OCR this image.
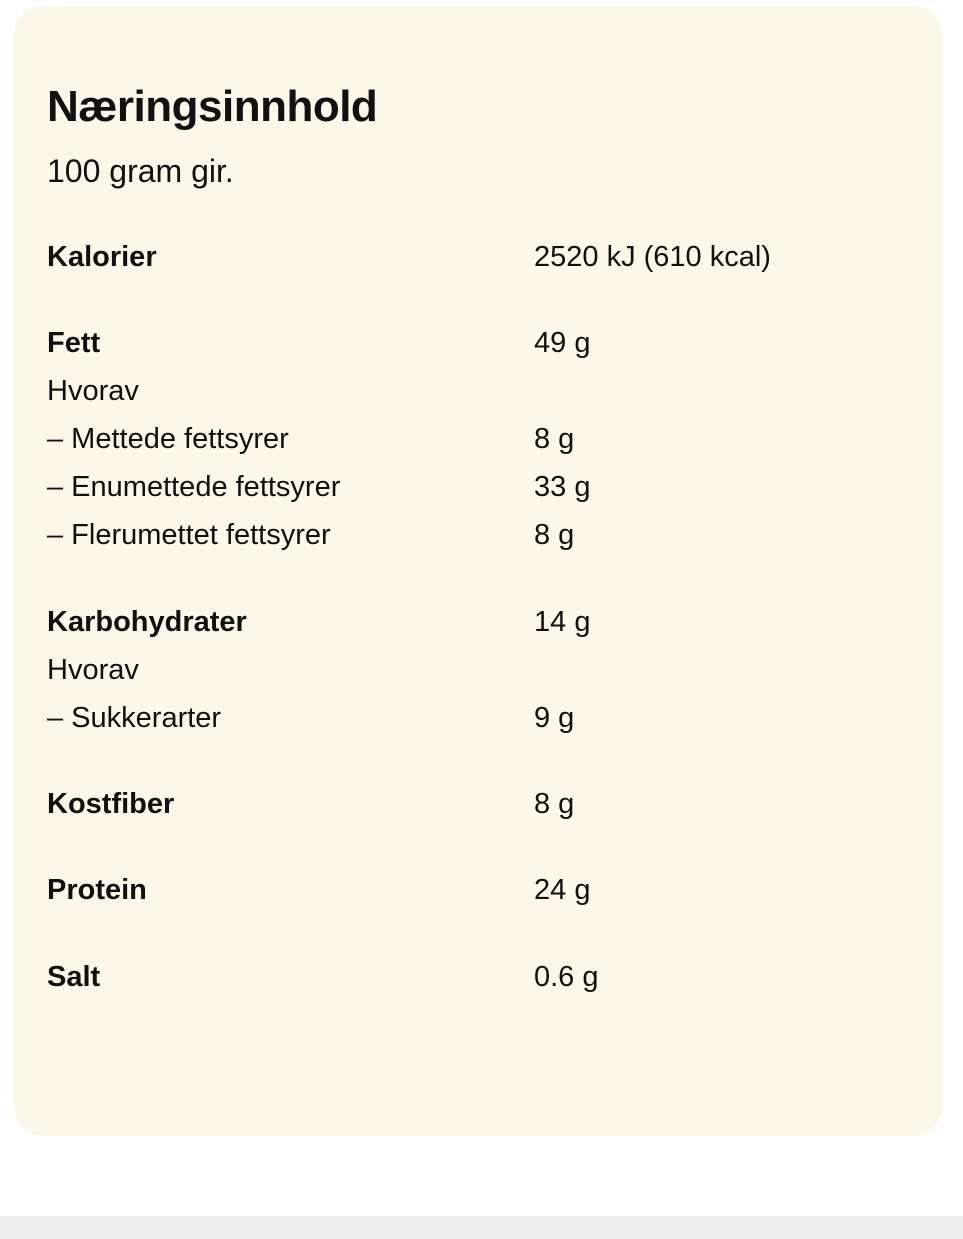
Næringsinnhold

100 gram gir.

Kalorier	2520 kJ (610 kcal)
Fett	49 g
Hvorav
– Mettede fettsyrer	8 g
– Enumettede fettsyrer	33 g
– Flerumettet fettsyrer	8 g
Karbohydrater	14 g
Hvorav
– Sukkerarter	9 g
Kostfiber	8 g
Protein	24 g
Salt	0.6 g
